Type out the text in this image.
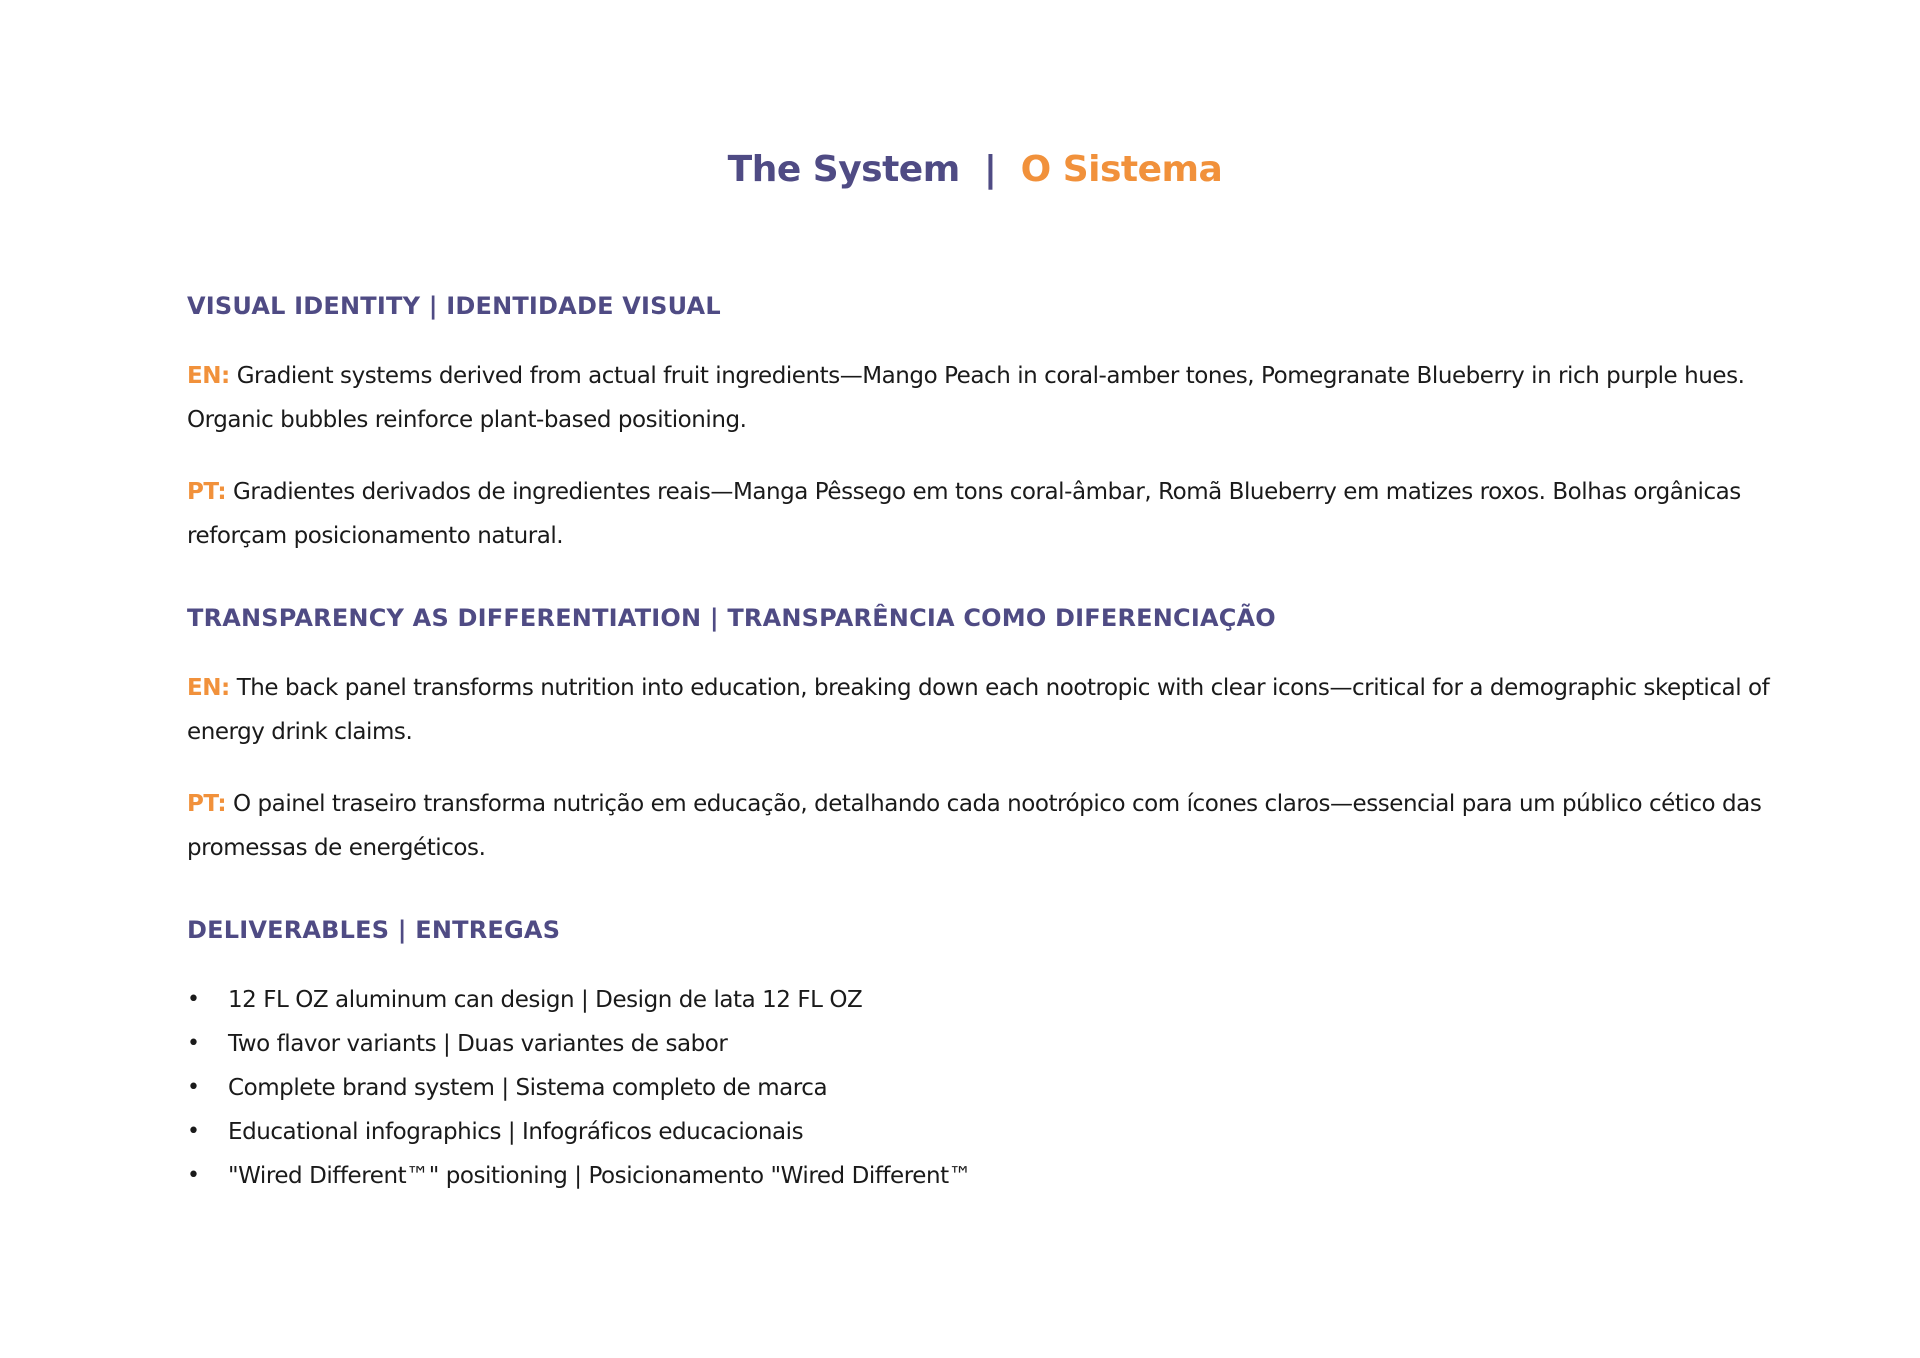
The System | O Sistema
VISUAL IDENTITY | IDENTIDADE VISUAL

EN: Gradient systems derived from actual fruit ingredients—Mango Peach in coral-amber tones, Pomegranate Blueberry in rich purple hues. Organic bubbles reinforce plant-based positioning.

PT: Gradientes derivados de ingredientes reais—Manga Pêssego em tons coral-âmbar, Romã Blueberry em matizes roxos. Bolhas orgânicas reforçam posicionamento natural.

TRANSPARENCY AS DIFFERENTIATION | TRANSPARÊNCIA COMO DIFERENCIAÇÃO

EN: The back panel transforms nutrition into education, breaking down each nootropic with clear icons—critical for a demographic skeptical of energy drink claims.

PT: O painel traseiro transforma nutrição em educação, detalhando cada nootrópico com ícones claros—essencial para um público cético das promessas de energéticos.

DELIVERABLES | ENTREGAS
• 12 FL OZ aluminum can design | Design de lata 12 FL OZ
• Two flavor variants | Duas variantes de sabor
• Complete brand system | Sistema completo de marca
• Educational infographics | Infográficos educacionais
• "Wired Different™" positioning | Posicionamento "Wired Different™
